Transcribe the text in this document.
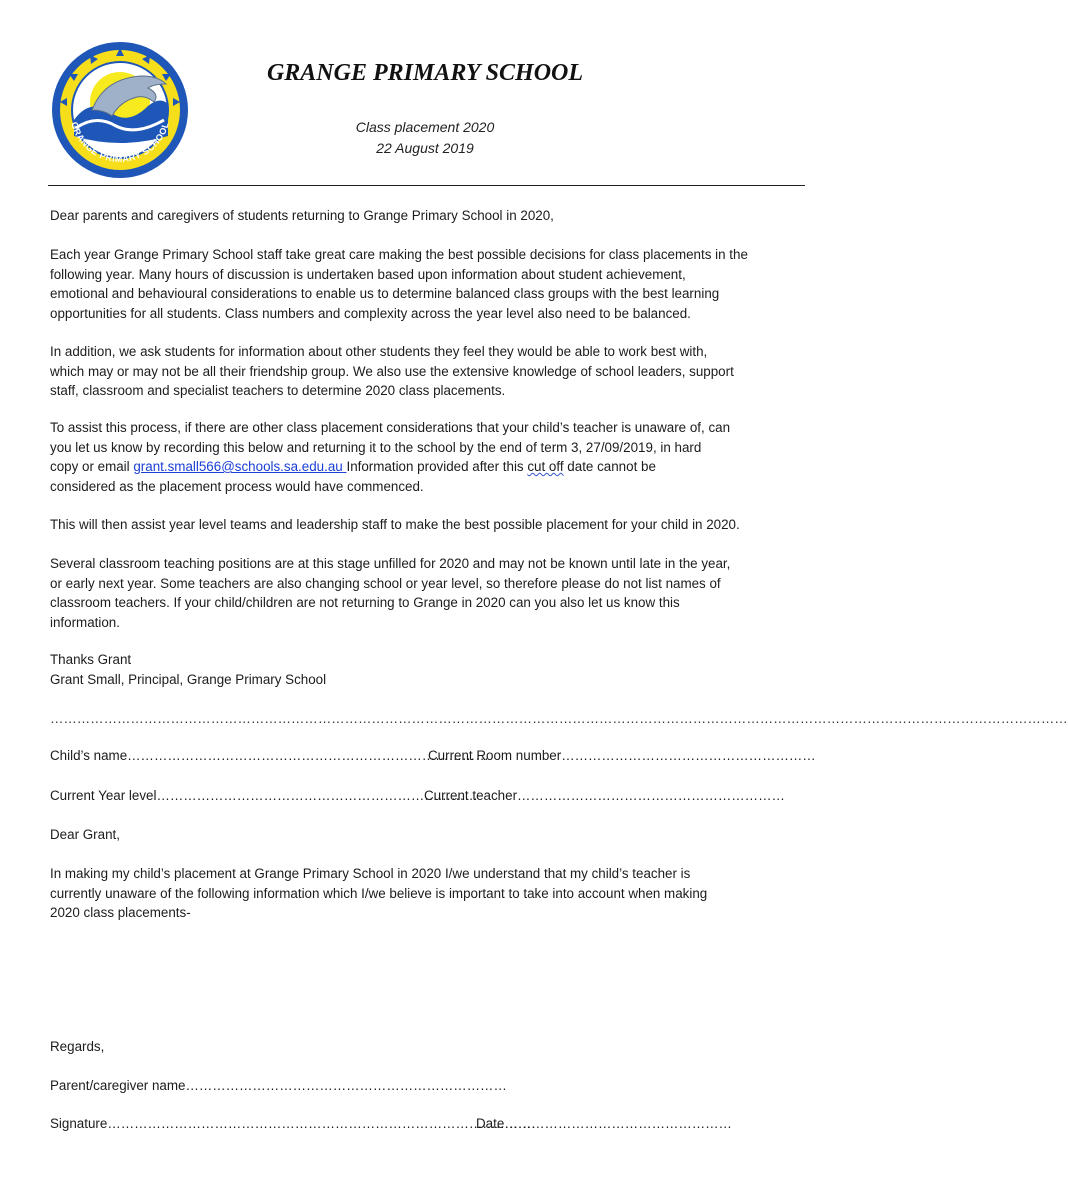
GRANGE PRIMARY SCHOOL
GRANGE PRIMARY SCHOOL
Class placement 2020
22 August 2019

Dear parents and caregivers of students returning to Grange Primary School in 2020,

Each year Grange Primary School staff take great care making the best possible decisions for class placements in the
following year. Many hours of discussion is undertaken based upon information about student achievement,
emotional and behavioural considerations to enable us to determine balanced class groups with the best learning
opportunities for all students. Class numbers and complexity across the year level also need to be balanced.
In addition, we ask students for information about other students they feel they would be able to work best with,
which may or may not be all their friendship group. We also use the extensive knowledge of school leaders, support
staff, classroom and specialist teachers to determine 2020 class placements.
To assist this process, if there are other class placement considerations that your child’s teacher is unaware of, can
you let us know by recording this below and returning it to the school by the end of term 3, 27/09/2019, in hard
copy or email grant.small566@schools.sa.edu.au Information provided after this cut off date cannot be
considered as the placement process would have commenced.

This will then assist year level teams and leadership staff to make the best possible placement for your child in 2020.

Several classroom teaching positions are at this stage unfilled for 2020 and may not be known until late in the year,
or early next year. Some teachers are also changing school or year level, so therefore please do not list names of
classroom teachers. If your child/children are not returning to Grange in 2020 can you also let us know this
information.
Thanks Grant
Grant Small, Principal, Grange Primary School
…………………………………………………………………………………………………………………………………………………………………………………………………………
Child’s name………………………………………………………………………
Current Room number…………………………………………………
Current Year level………………………………………………………………
Current teacher……………………………………………………
Dear Grant,
In making my child’s placement at Grange Primary School in 2020 I/we understand that my child’s teacher is
currently unaware of the following information which I/we believe is important to take into account when making
2020 class placements-
Regards,
Parent/caregiver name………………………………………………………………
Signature……………………………………………………………………………………
Date……………………………………………
